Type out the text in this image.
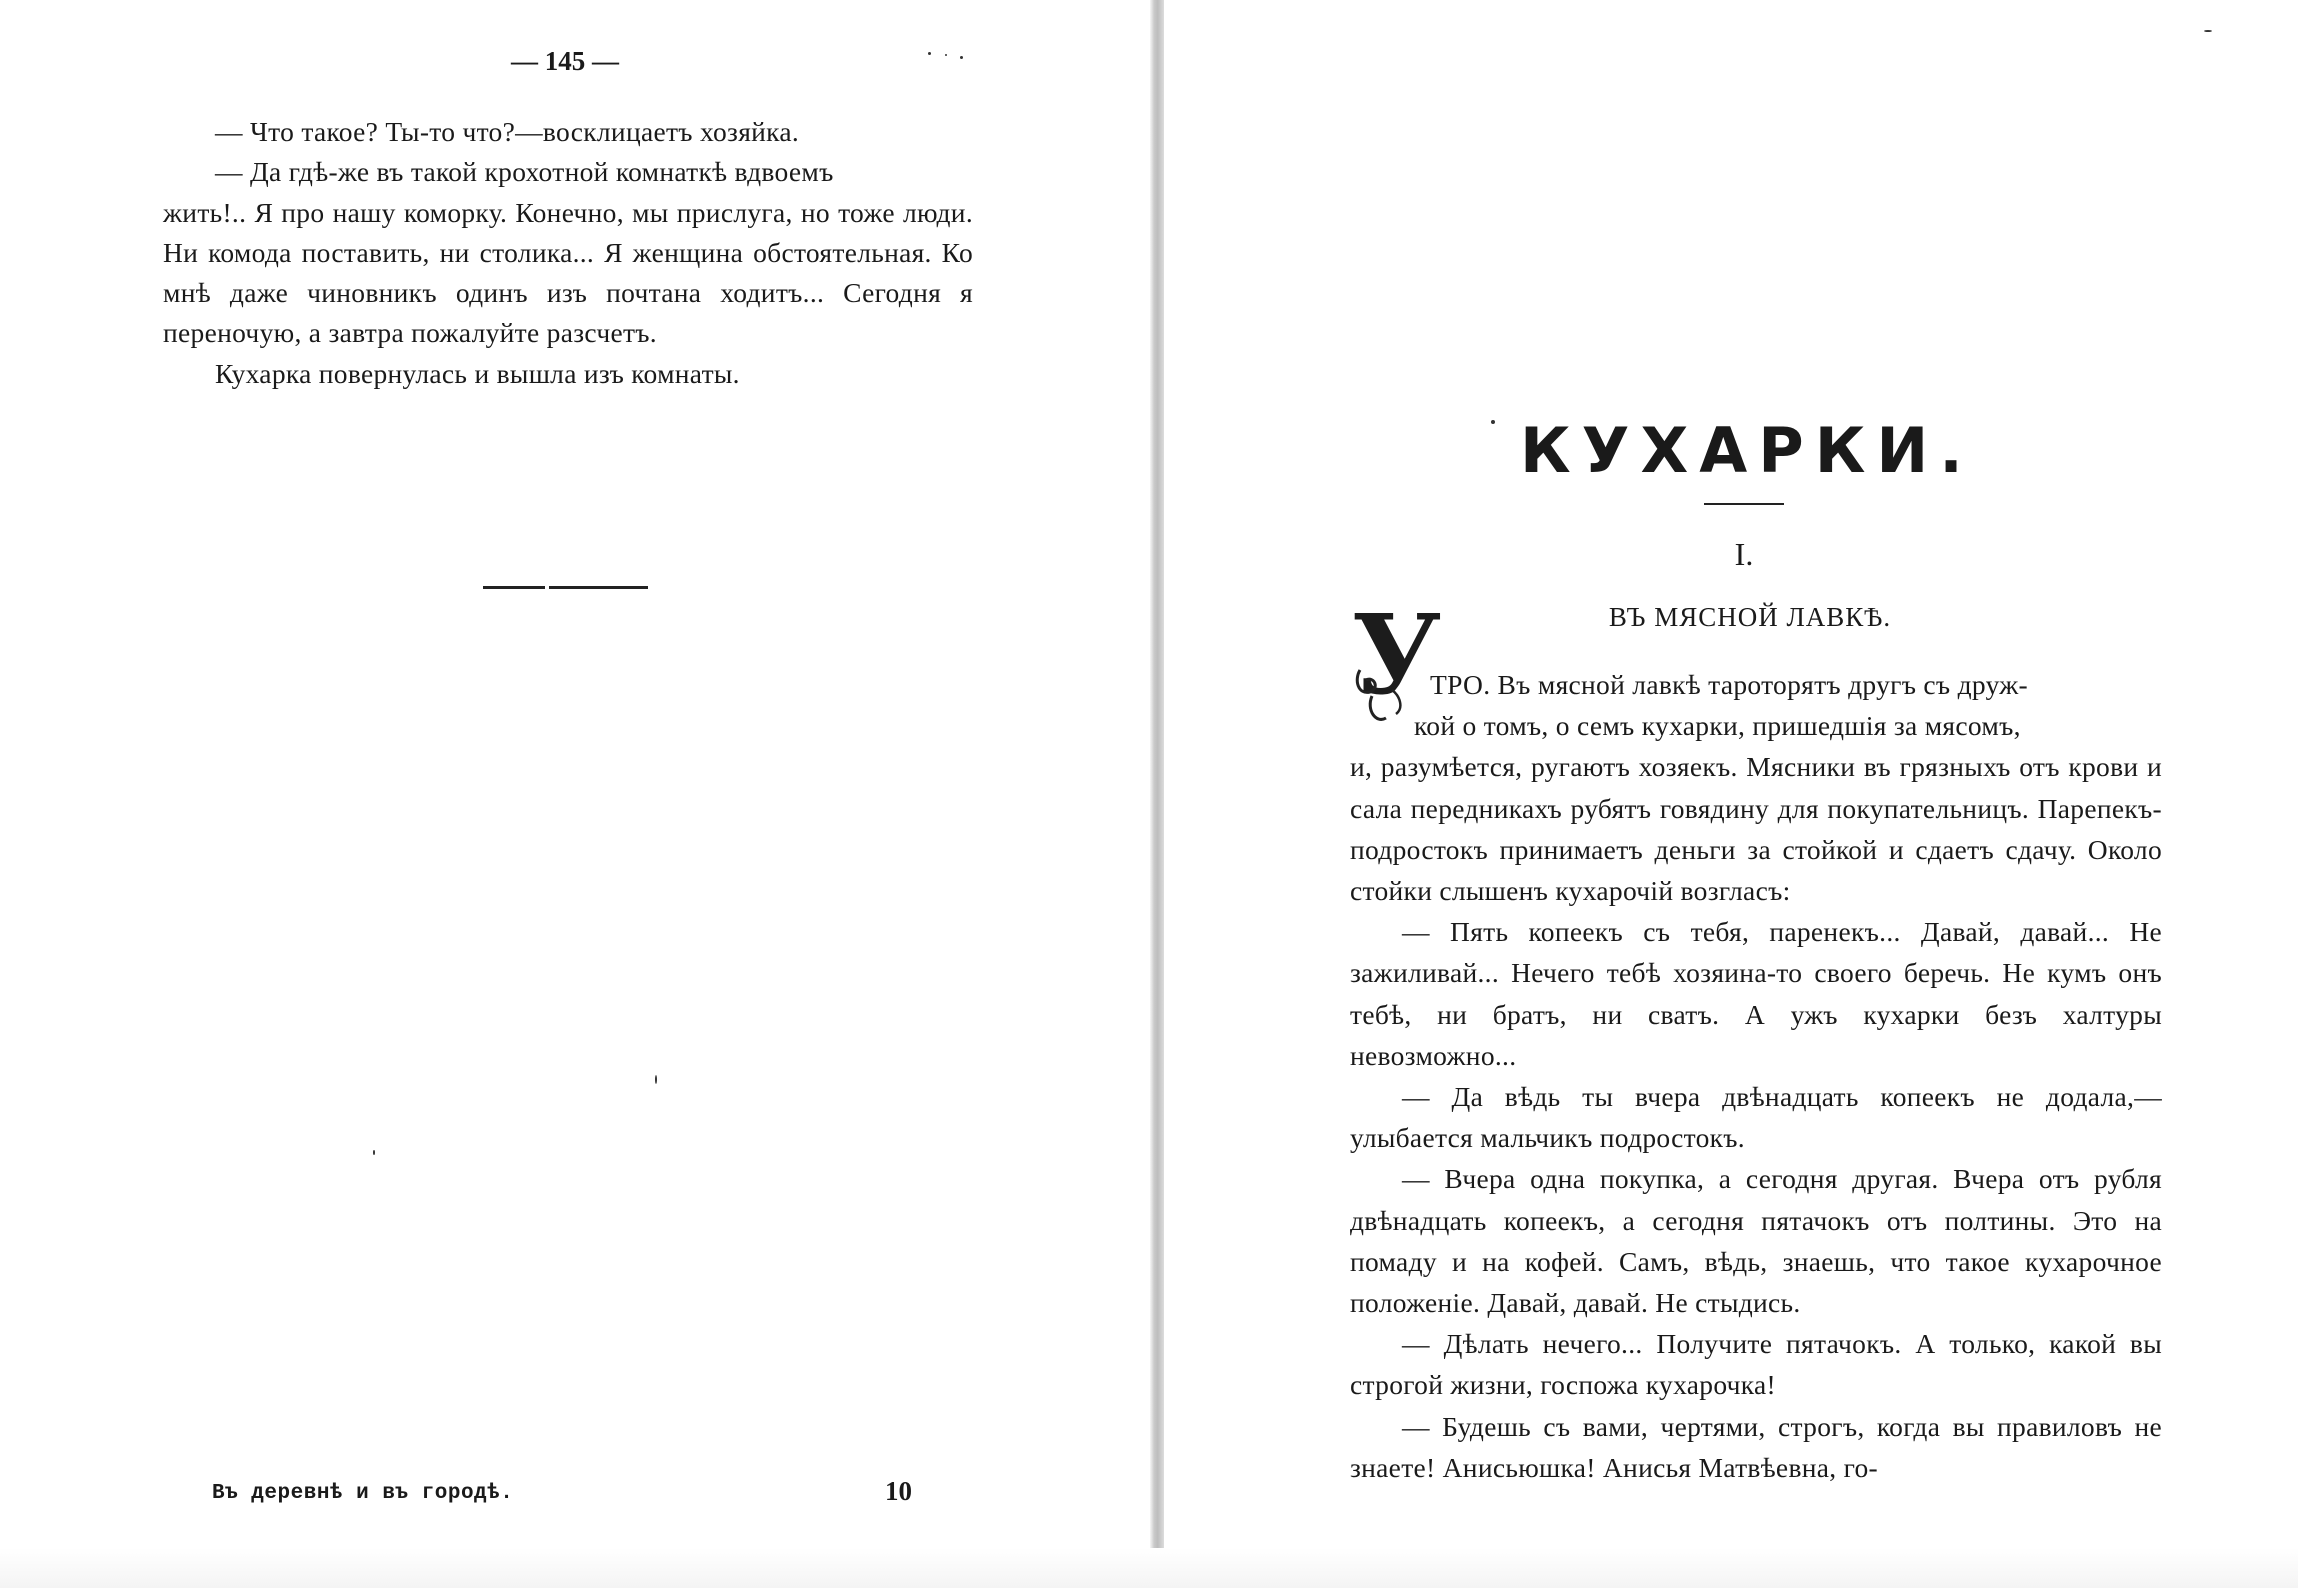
— 145 —

— Что такое? Ты-то что?—восклицаетъ хозяйка.

— Да гдѣ-же въ такой крохотной комнаткѣ вдвоемъ

жить!.. Я про нашу коморку. Конечно, мы прислуга, но тоже люди. Ни комода поставить, ни столика... Я женщина обстоятельная. Ко мнѣ даже чиновникъ одинъ изъ почтана ходитъ... Сегодня я переночую, а завтра пожалуйте разсчетъ.

Кухарка повернулась и вышла изъ комнаты.

Въ деревнѣ и въ городѣ.	10
КУХАРКИ.
I.
ВЪ МЯСНОЙ ЛАВКѢ.
У

ТРО. Въ мясной лавкѣ тароторятъ другъ съ друж-
кой о томъ, о семъ кухарки, пришедшія за мясомъ,
и, разумѣется, ругаютъ хозяекъ. Мясники въ грязныхъ отъ крови и сала передникахъ рубятъ говядину для покупательницъ. Парепекъ-подростокъ принимаетъ деньги за стойкой и сдаетъ сдачу. Около стойки слышенъ кухарочій возгласъ:

— Пять копеекъ съ тебя, паренекъ... Давай, давай... Не зажиливай... Нечего тебѣ хозяина-то своего беречь. Не кумъ онъ тебѣ, ни братъ, ни сватъ. А ужъ кухарки безъ халтуры невозможно...

— Да вѣдь ты вчера двѣнадцать копеекъ не додала,—улыбается мальчикъ подростокъ.

— Вчера одна покупка, а сегодня другая. Вчера отъ рубля двѣнадцать копеекъ, а сегодня пятачокъ отъ полтины. Это на помаду и на кофей. Самъ, вѣдь, знаешь, что такое кухарочное положеніе. Давай, давай. Не стыдись.

— Дѣлать нечего... Получите пятачокъ. А только, какой вы строгой жизни, госпожа кухарочка!

— Будешь съ вами, чертями, строгъ, когда вы правиловъ не знаете! Анисьюшка! Анисья Матвѣевна, го-
